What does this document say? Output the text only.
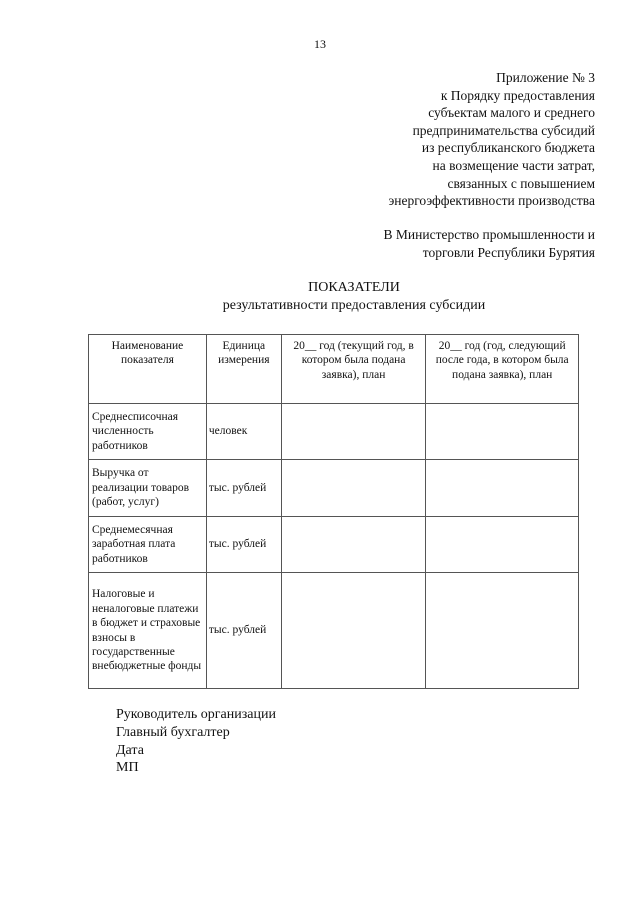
13
Приложение № 3
к Порядку предоставления
субъектам малого и среднего
предпринимательства субсидий
из республиканского бюджета
на возмещение части затрат,
связанных с повышением
энергоэффективности производства
В Министерство промышленности и
торговли Республики Бурятия
ПОКАЗАТЕЛИ
результативности предоставления субсидии
Наименование показателя	Единица измерения	20__ год (текущий год, в котором была подана заявка), план	20__ год (год, следующий после года, в котором была подана заявка), план
Среднесписочная численность работников	человек		
Выручка от реализации товаров (работ, услуг)	тыс. рублей		
Среднемесячная заработная плата работников	тыс. рублей		
Налоговые и неналоговые платежи в бюджет и страховые взносы в государственные внебюджетные фонды	тыс. рублей		
Руководитель организации
Главный бухгалтер
Дата
МП
